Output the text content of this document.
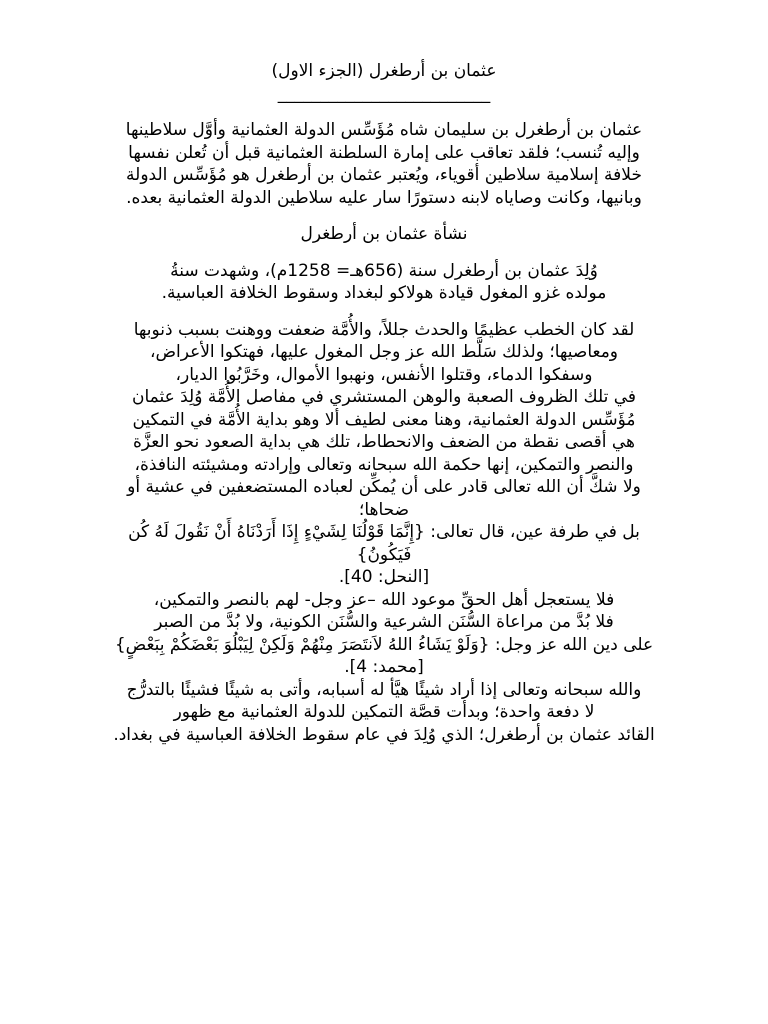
عثمان بن أرطغرل (الجزء الاول)
_________________________
عثمان بن أرطغرل بن سليمان شاه مُؤَسِّس الدولة العثمانية وأوَّل سلاطينها
وإليه تُنسب؛ فلقد تعاقب على إمارة السلطنة العثمانية قبل أن تُعلن نفسها
خلافة إسلامية سلاطين أقوياء، ويُعتبر عثمان بن أرطغرل هو مُؤَسِّس الدولة
وبانيها، وكانت وصاياه لابنه دستورًا سار عليه سلاطين الدولة العثمانية بعده.
نشأة عثمان بن أرطغرل
وُلِدَ عثمان بن أرطغرل سنة (656هـ= 1258م)، وشهدت سنةُ
مولده غزو المغول قيادة هولاكو لبغداد وسقوط الخلافة العباسية.
لقد كان الخطب عظيمًا والحدث جللاً، والأُمَّة ضعفت ووهنت بسبب ذنوبها
ومعاصيها؛ ولذلك سَلَّط الله عز وجل المغول عليها، فهتكوا الأعراض،
وسفكوا الدماء، وقتلوا الأنفس، ونهبوا الأموال، وخَرَّبُوا الديار،
في تلك الظروف الصعبة والوهن المستشري في مفاصل الأُمَّة وُلِدَ عثمان
مُؤَسِّس الدولة العثمانية، وهنا معنى لطيف ألا وهو بداية الأُمَّة في التمكين
هي أقصى نقطة من الضعف والانحطاط، تلك هي بداية الصعود نحو العزَّة
والنصر والتمكين، إنها حكمة الله سبحانه وتعالى وإرادته ومشيئته النافذة،
ولا شكَّ أن الله تعالى قادر على أن يُمكِّن لعباده المستضعفين في عشية أو
ضحاها؛
بل في طرفة عين، قال تعالى: {إِنَّمَا قَوْلُنَا لِشَيْءٍ إِذَا أَرَدْنَاهُ أَنْ نَقُولَ لَهُ كُن
فَيَكُونُ}
[النحل: 40].
فلا يستعجل أهل الحقِّ موعود الله –عز وجل- لهم بالنصر والتمكين،
فلا بُدَّ من مراعاة السُّنَن الشرعية والسُّنَن الكونية، ولا بُدَّ من الصبر
على دين الله عز وجل: {وَلَوْ يَشَاءُ اللهُ لاَنتَصَرَ مِنْهُمْ وَلَكِنْ لِيَبْلُوَ بَعْضَكُمْ بِبَعْضٍ}
[محمد: 4].
والله سبحانه وتعالى إذا أراد شيئًا هيَّأ له أسبابه، وأتى به شيئًا فشيئًا بالتدرُّج
لا دفعة واحدة؛ وبدأت قصَّة التمكين للدولة العثمانية مع ظهور
القائد عثمان بن أرطغرل؛ الذي وُلِدَ في عام سقوط الخلافة العباسية في بغداد.
